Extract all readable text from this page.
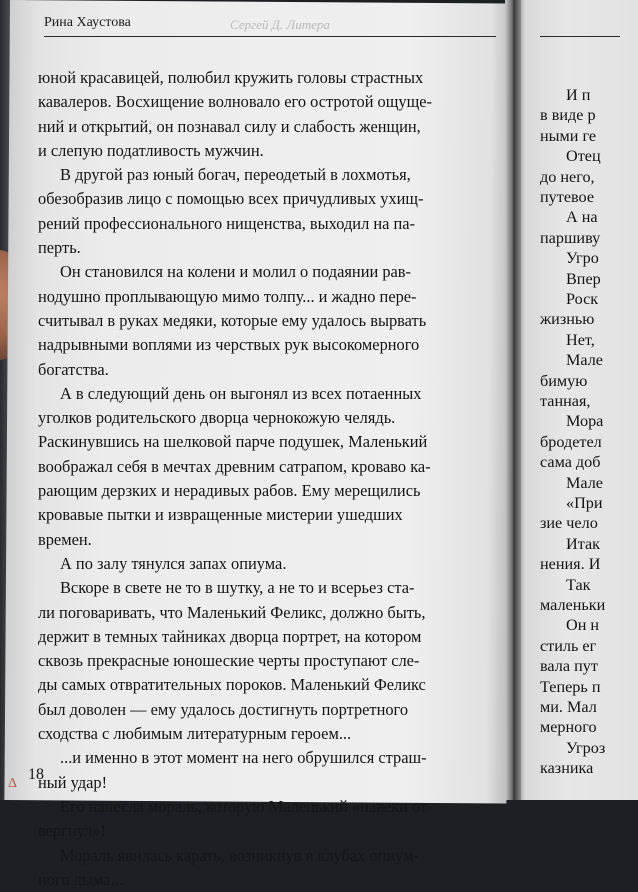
И п
в виде р
ными ге
Отец
до него,
путевое
А на
паршиву
Угро
Впер
Роск
жизнью
Нет,
Мале
бимую
танная,
Мора
бродетел
сама доб
Мале
«При
зие чело
Итак
нения. И
Так
маленьки
Он н
стиль ег
вала пут
Теперь п
ми. Мал
мерного
Угроз
казника
Рина Хаустова	Сергей Д. Литера

юной красавицей, полюбил кружить головы страстных
кавалеров. Восхищение волновало его остротой ощуще-
ний и открытий, он познавал силу и слабость женщин,
и слепую податливость мужчин.

В другой раз юный богач, переодетый в лохмотья,
обезобразив лицо с помощью всех причудливых ухищ-
рений профессионального нищенства, выходил на па-
перть.

Он становился на колени и молил о подаянии рав-
нодушно проплывающую мимо толпу... и жадно пере-
считывал в руках медяки, которые ему удалось вырвать
надрывными воплями из черствых рук высокомерного
богатства.

А в следующий день он выгонял из всех потаенных
уголков родительского дворца чернокожую челядь.
Раскинувшись на шелковой парче подушек, Маленький
воображал себя в мечтах древним сатрапом, кроваво ка-
рающим дерзких и нерадивых рабов. Ему мерещились
кровавые пытки и извращенные мистерии ушедших
времен.

А по залу тянулся запах опиума.

Вскоре в свете не то в шутку, а не то и всерьез ста-
ли поговаривать, что Маленький Феликс, должно быть,
держит в темных тайниках дворца портрет, на котором
сквозь прекрасные юношеские черты проступают сле-
ды самых отвратительных пороков. Маленький Феликс
был доволен — ему удалось достигнуть портретного
сходства с любимым литературным героем...

...и именно в этот момент на него обрушился страш-
ный удар!

Его нанесла мораль, которую Маленький «навеки от-
вергнул»!

Мораль явилась карать, возникнув в клубах опиум-
ного дыма...

18
Δ
